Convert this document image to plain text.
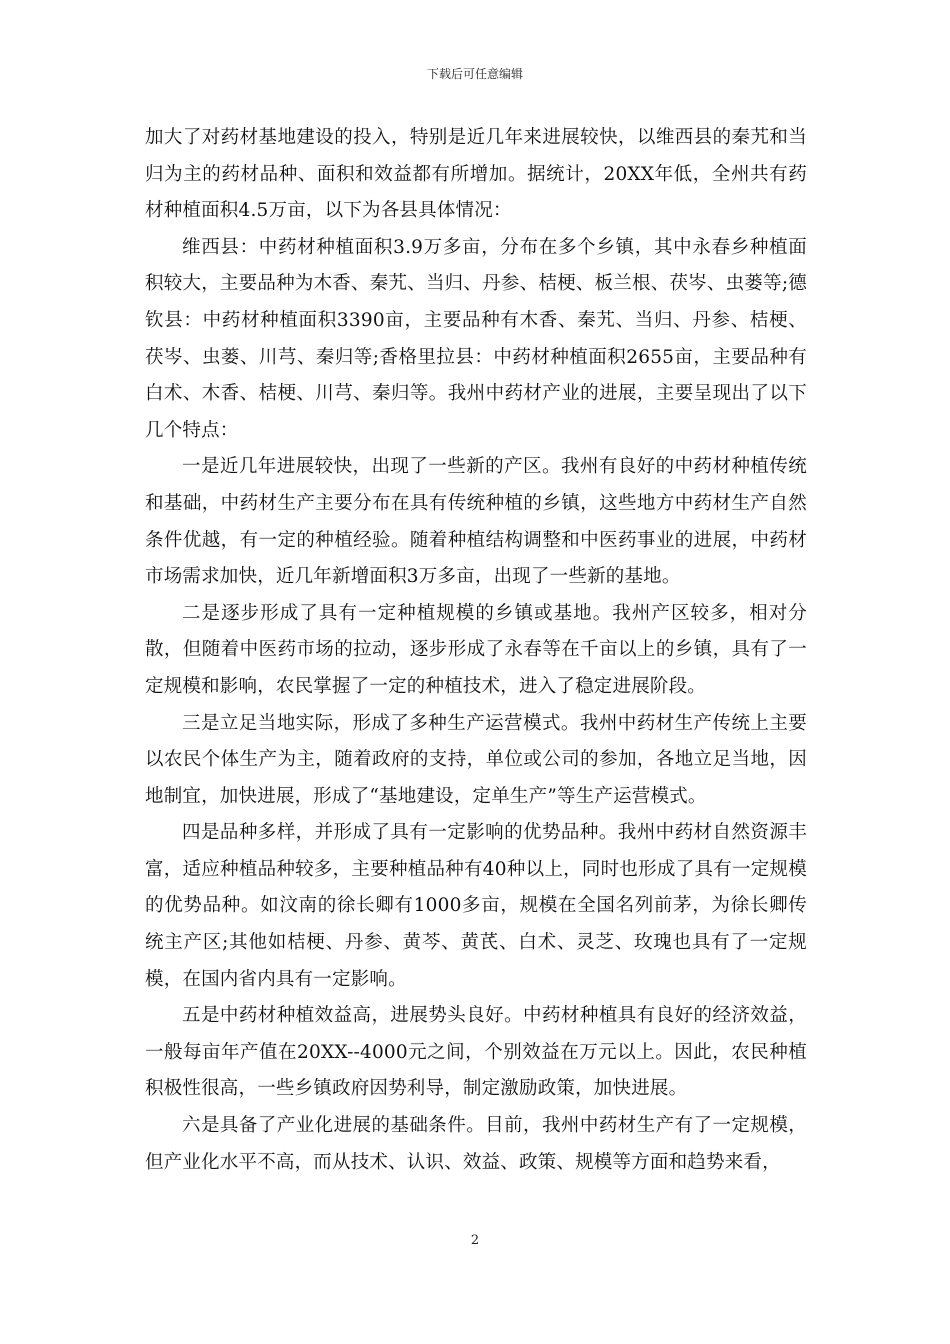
下载后可任意编辑

加大了对药材基地建设的投入，特别是近几年来进展较快，以维西县的秦艽和当归为主的药材品种、面积和效益都有所增加。据统计，20XX年低，全州共有药材种植面积4.5万亩，以下为各县具体情况：

维西县：中药材种植面积3.9万多亩，分布在多个乡镇，其中永春乡种植面积较大，主要品种为木香、秦艽、当归、丹参、桔梗、板兰根、茯岑、虫蒌等;德钦县：中药材种植面积3390亩，主要品种有木香、秦艽、当归、丹参、桔梗、茯岑、虫蒌、川芎、秦归等;香格里拉县：中药材种植面积2655亩，主要品种有白术、木香、桔梗、川芎、秦归等。我州中药材产业的进展，主要呈现出了以下几个特点：

一是近几年进展较快，出现了一些新的产区。我州有良好的中药材种植传统和基础，中药材生产主要分布在具有传统种植的乡镇，这些地方中药材生产自然条件优越，有一定的种植经验。随着种植结构调整和中医药事业的进展，中药材市场需求加快，近几年新增面积3万多亩，出现了一些新的基地。

二是逐步形成了具有一定种植规模的乡镇或基地。我州产区较多，相对分散，但随着中医药市场的拉动，逐步形成了永春等在千亩以上的乡镇，具有了一定规模和影响，农民掌握了一定的种植技术，进入了稳定进展阶段。

三是立足当地实际，形成了多种生产运营模式。我州中药材生产传统上主要以农民个体生产为主，随着政府的支持，单位或公司的参加，各地立足当地，因地制宜，加快进展，形成了“基地建设，定单生产”等生产运营模式。

四是品种多样，并形成了具有一定影响的优势品种。我州中药材自然资源丰富，适应种植品种较多，主要种植品种有40种以上，同时也形成了具有一定规模的优势品种。如汶南的徐长卿有1000多亩，规模在全国名列前茅，为徐长卿传统主产区;其他如桔梗、丹参、黄芩、黄芪、白术、灵芝、玫瑰也具有了一定规模，在国内省内具有一定影响。

五是中药材种植效益高，进展势头良好。中药材种植具有良好的经济效益，一般每亩年产值在20XX--4000元之间，个别效益在万元以上。因此，农民种植积极性很高，一些乡镇政府因势利导，制定激励政策，加快进展。

六是具备了产业化进展的基础条件。目前，我州中药材生产有了一定规模，但产业化水平不高，而从技术、认识、效益、政策、规模等方面和趋势来看，

2
